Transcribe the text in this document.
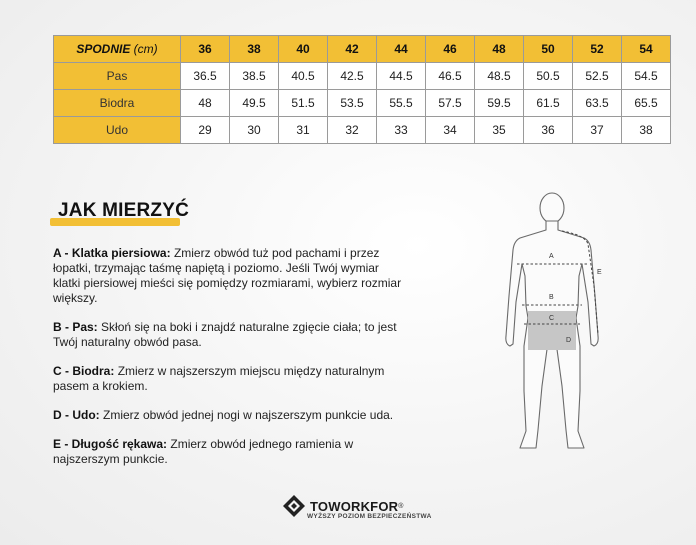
SPODNIE (cm)	36	38	40	42	44	46	48	50	52	54
Pas	36.5	38.5	40.5	42.5	44.5	46.5	48.5	50.5	52.5	54.5
Biodra	48	49.5	51.5	53.5	55.5	57.5	59.5	61.5	63.5	65.5
Udo	29	30	31	32	33	34	35	36	37	38
JAK MIERZYĆ

A - Klatka piersiowa: Zmierz obwód tuż pod pachami i przez łopatki, trzymając taśmę napiętą i poziomo. Jeśli Twój wymiar klatki piersiowej mieści się pomiędzy rozmiarami, wybierz rozmiar większy.

B - Pas: Skłoń się na boki i znajdź naturalne zgięcie ciała; to jest Twój naturalny obwód pasa.

C - Biodra: Zmierz w najszerszym miejscu między naturalnym pasem a krokiem.

D - Udo: Zmierz obwód jednej nogi w najszerszym punkcie uda.

E - Długość rękawa: Zmierz obwód jednego ramienia w najszerszym punkcie.

A
B
C
D
E
TOWORKFOR ®
WYŻSZY POZIOM BEZPIECZEŃSTWA
